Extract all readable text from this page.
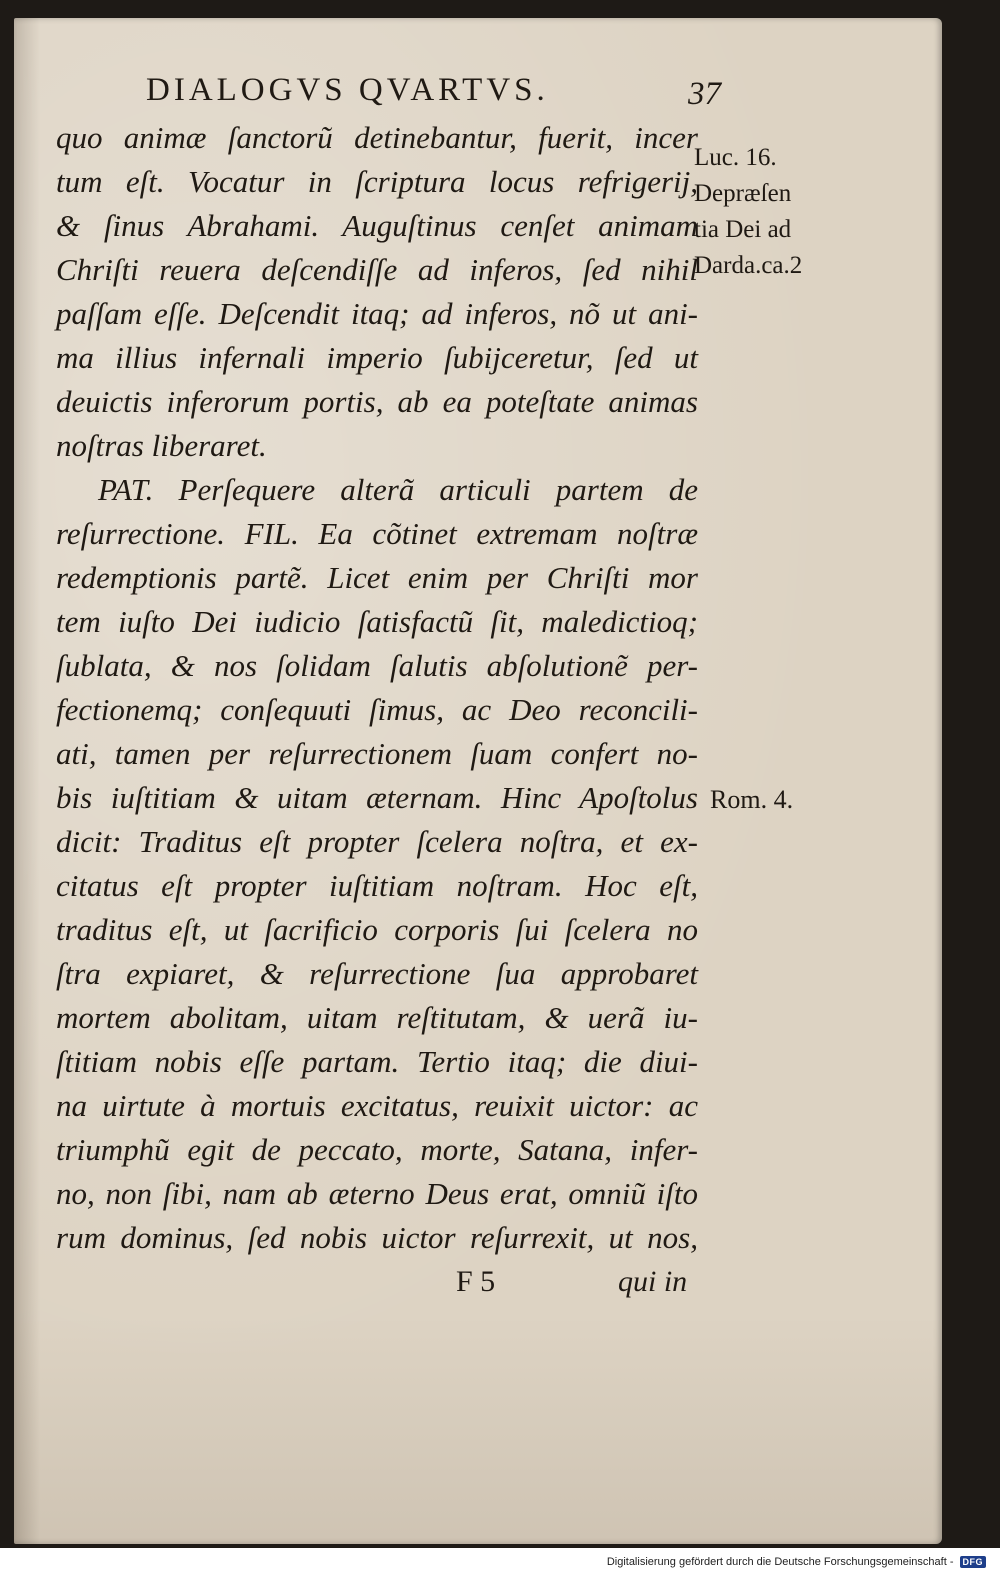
DIALOGVS QVARTVS.	37
quo animæ ſanctorũ detinebantur, fuerit, incer
tum eſt. Vocatur in ſcriptura locus refrigerij,
& ſinus Abrahami. Auguſtinus cenſet animam
Chriſti reuera deſcendiſſe ad inferos, ſed nihil
paſſam eſſe. Deſcendit itaq; ad inferos, nõ ut ani-
ma illius infernali imperio ſubijceretur, ſed ut
deuictis inferorum portis, ab ea poteſtate animas
noſtras liberaret.
PAT. Perſequere alterã articuli partem de
reſurrectione. FIL. Ea cõtinet extremam noſtræ
redemptionis partẽ. Licet enim per Chriſti mor
tem iuſto Dei iudicio ſatisfactũ ſit, maledictioq;
ſublata, & nos ſolidam ſalutis abſolutionẽ per-
fectionemq; conſequuti ſimus, ac Deo reconcili-
ati, tamen per reſurrectionem ſuam confert no-
bis iuſtitiam & uitam æternam. Hinc Apoſtolus
dicit: Traditus eſt propter ſcelera noſtra, et ex-
citatus eſt propter iuſtitiam noſtram. Hoc eſt,
traditus eſt, ut ſacrificio corporis ſui ſcelera no
ſtra expiaret, & reſurrectione ſua approbaret
mortem abolitam, uitam reſtitutam, & uerã iu-
ſtitiam nobis eſſe partam. Tertio itaq; die diui-
na uirtute à mortuis excitatus, reuixit uictor: ac
triumphũ egit de peccato, morte, Satana, infer-
no, non ſibi, nam ab æterno Deus erat, omniũ iſto
rum dominus, ſed nobis uictor reſurrexit, ut nos,
F 5	qui in
Luc. 16.
Depræſen
tia Dei ad
Darda.ca.2
Rom. 4.
Digitalisierung gefördert durch die Deutsche Forschungsgemeinschaft -	DFG
